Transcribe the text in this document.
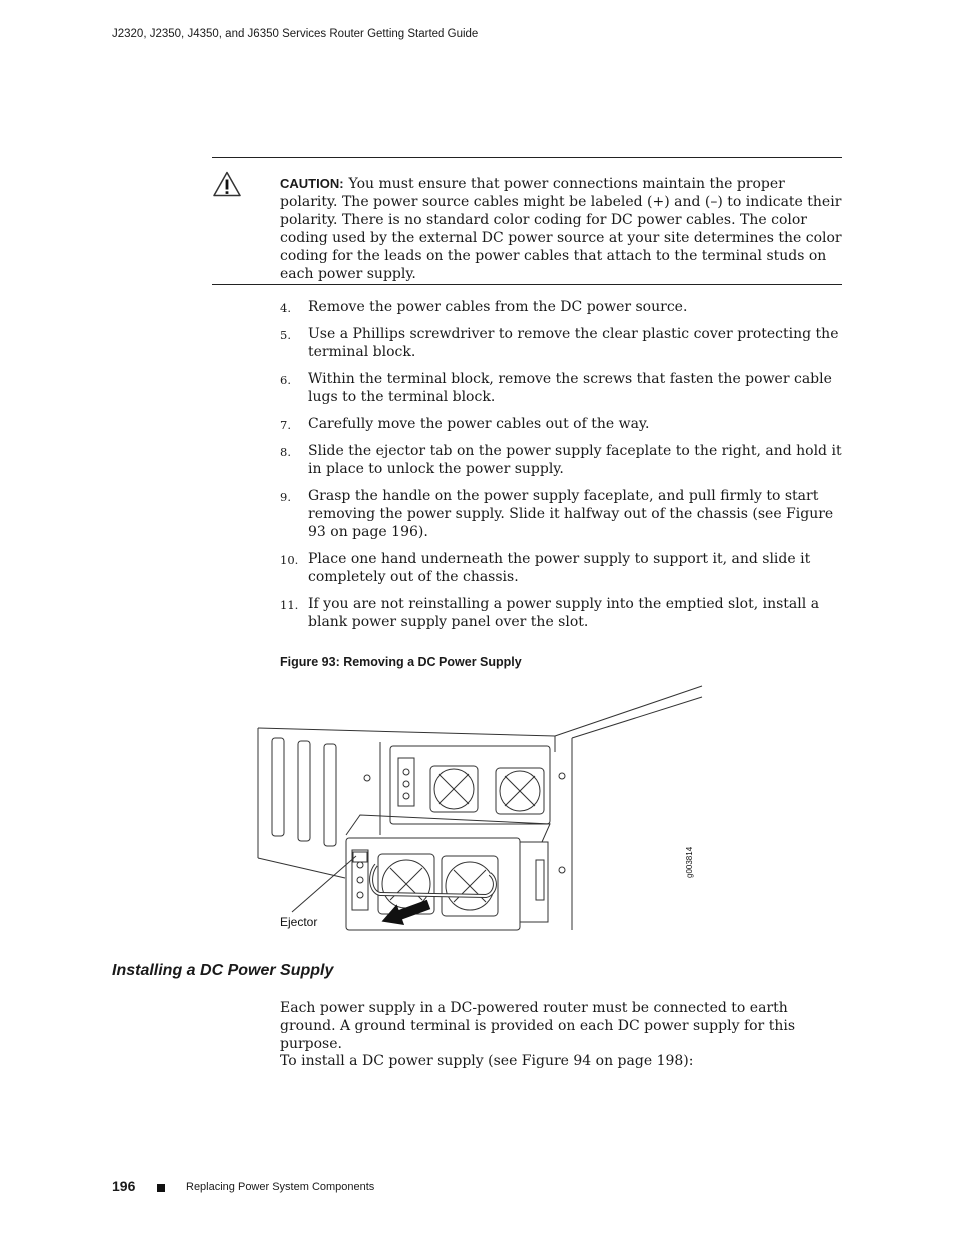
J2320, J2350, J4350, and J6350 Services Router Getting Started Guide
CAUTION: You must ensure that power connections maintain the proper polarity. The power source cables might be labeled (+) and (–) to indicate their polarity. There is no standard color coding for DC power cables. The color coding used by the external DC power source at your site determines the color coding for the leads on the power cables that attach to the terminal studs on each power supply.
4. Remove the power cables from the DC power source.
5. Use a Phillips screwdriver to remove the clear plastic cover protecting the terminal block.
6. Within the terminal block, remove the screws that fasten the power cable lugs to the terminal block.
7. Carefully move the power cables out of the way.
8. Slide the ejector tab on the power supply faceplate to the right, and hold it in place to unlock the power supply.
9. Grasp the handle on the power supply faceplate, and pull firmly to start removing the power supply. Slide it halfway out of the chassis (see Figure 93 on page 196).
10. Place one hand underneath the power supply to support it, and slide it completely out of the chassis.
11. If you are not reinstalling a power supply into the emptied slot, install a blank power supply panel over the slot.
Figure 93: Removing a DC Power Supply
Ejector
g003814
Installing a DC Power Supply

Each power supply in a DC-powered router must be connected to earth ground. A ground terminal is provided on each DC power supply for this purpose.

To install a DC power supply (see Figure 94 on page 198):

196	Replacing Power System Components
